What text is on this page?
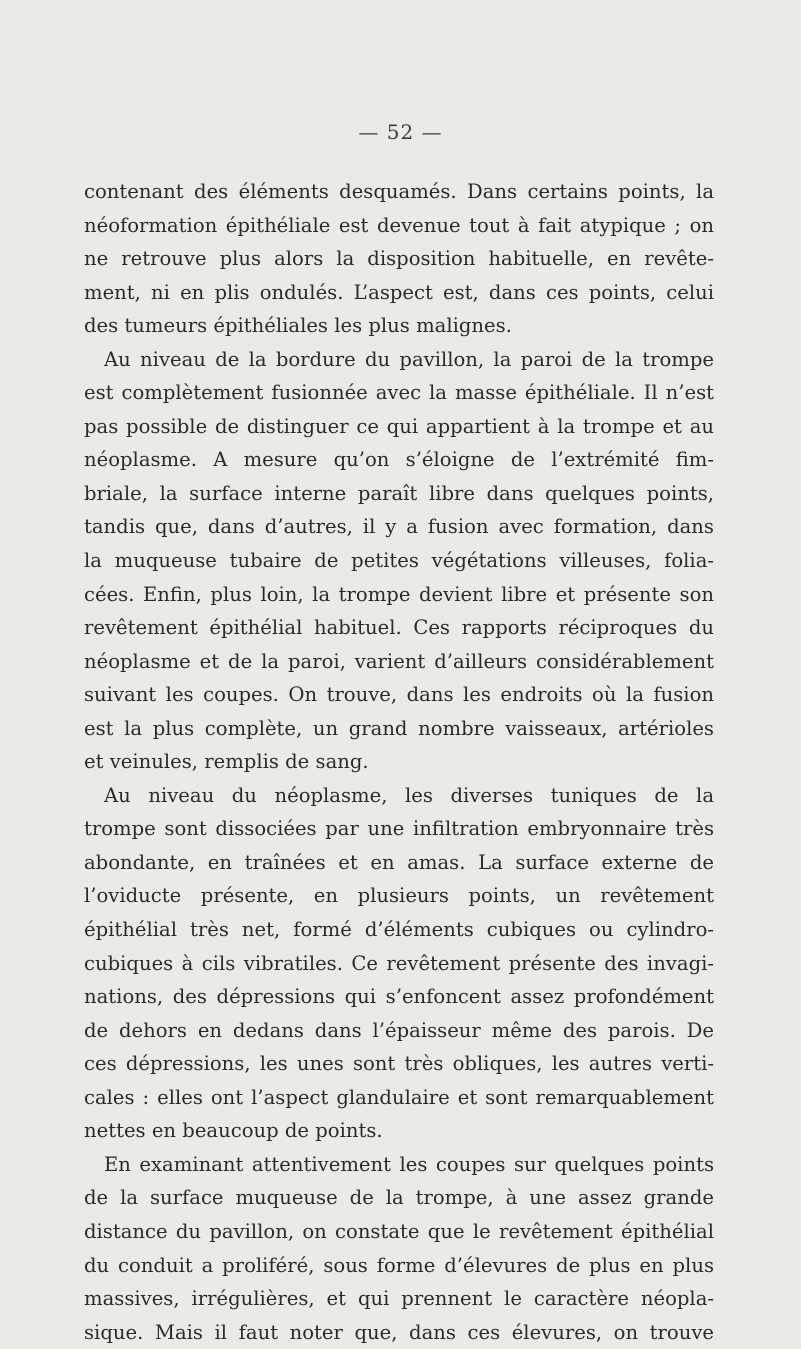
— 52 —
contenant des éléments desquamés. Dans certains points, la
néoformation épithéliale est devenue tout à fait atypique ; on
ne retrouve plus alors la disposition habituelle, en revête-
ment, ni en plis ondulés. L’aspect est, dans ces points, celui
des tumeurs épithéliales les plus malignes.
Au niveau de la bordure du pavillon, la paroi de la trompe
est complètement fusionnée avec la masse épithéliale. Il n’est
pas possible de distinguer ce qui appartient à la trompe et au
néoplasme. A mesure qu’on s’éloigne de l’extrémité fim-
briale, la surface interne paraît libre dans quelques points,
tandis que, dans d’autres, il y a fusion avec formation, dans
la muqueuse tubaire de petites végétations villeuses, folia-
cées. Enfin, plus loin, la trompe devient libre et présente son
revêtement épithélial habituel. Ces rapports réciproques du
néoplasme et de la paroi, varient d’ailleurs considérablement
suivant les coupes. On trouve, dans les endroits où la fusion
est la plus complète, un grand nombre vaisseaux, artérioles
et veinules, remplis de sang.
Au niveau du néoplasme, les diverses tuniques de la
trompe sont dissociées par une infiltration embryonnaire très
abondante, en traînées et en amas. La surface externe de
l’oviducte présente, en plusieurs points, un revêtement
épithélial très net, formé d’éléments cubiques ou cylindro-
cubiques à cils vibratiles. Ce revêtement présente des invagi-
nations, des dépressions qui s’enfoncent assez profondément
de dehors en dedans dans l’épaisseur même des parois. De
ces dépressions, les unes sont très obliques, les autres verti-
cales : elles ont l’aspect glandulaire et sont remarquablement
nettes en beaucoup de points.
En examinant attentivement les coupes sur quelques points
de la surface muqueuse de la trompe, à une assez grande
distance du pavillon, on constate que le revêtement épithélial
du conduit a proliféré, sous forme d’élevures de plus en plus
massives, irrégulières, et qui prennent le caractère néopla-
sique. Mais il faut noter que, dans ces élevures, on trouve
